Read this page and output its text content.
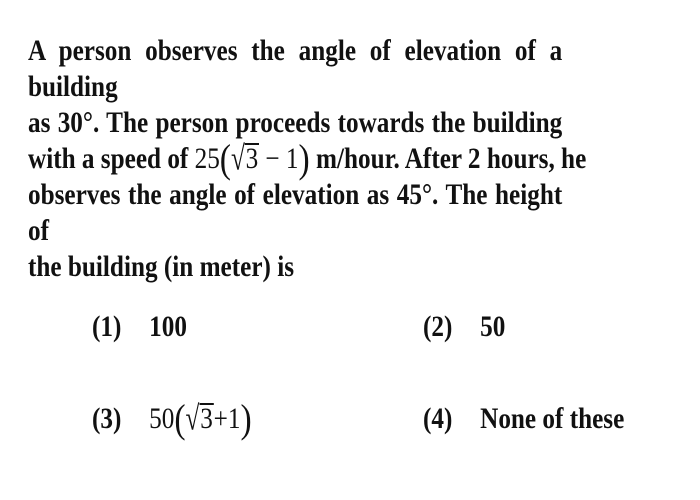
A person observes the angle of elevation of a building
as 30°. The person proceeds towards the building
with a speed of 25(√3 − 1) m/hour. After 2 hours, he
observes the angle of elevation as 45°. The height of
the building (in meter) is
(1) 100	(2) 50
(3) 50(√3+1)	(4) None of these
